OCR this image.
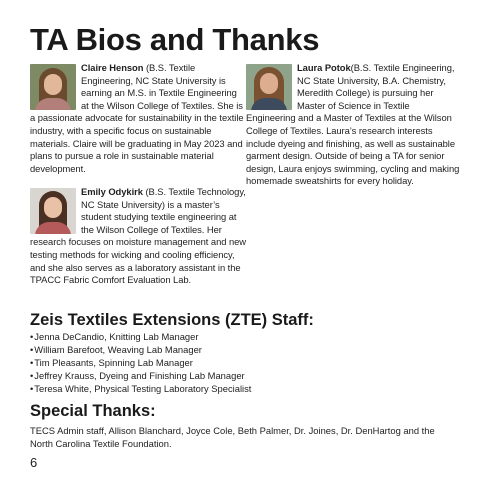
TA Bios and Thanks
Claire Henson (B.S. Textile Engineering, NC State University is earning an M.S. in Textile Engineering at the Wilson College of Textiles. She is a passionate advocate for sustainability in the textile industry, with a specific focus on sustainable materials. Claire will be graduating in May 2023 and plans to pursue a role in sustainable material development.
Emily Odykirk (B.S. Textile Technology, NC State University) is a master’s student studying textile engineering at the Wilson College of Textiles. Her research focuses on moisture management and new testing methods for wicking and cooling efficiency, and she also serves as a laboratory assistant in the TPACC Fabric Comfort Evaluation Lab.
Laura Potok(B.S. Textile Engineering, NC State University, B.A. Chemistry, Meredith College) is pursuing her Master of Science in Textile Engineering and a Master of Textiles at the Wilson College of Textiles. Laura’s research interests include dyeing and finishing, as well as sustainable garment design. Outside of being a TA for senior design, Laura enjoys swimming, cycling and making homemade sweatshirts for every holiday.
Zeis Textiles Extensions (ZTE) Staff:
• Jenna DeCandio, Knitting Lab Manager
• William Barefoot, Weaving Lab Manager
• Tim Pleasants, Spinning Lab Manager
• Jeffrey Krauss, Dyeing and Finishing Lab Manager
• Teresa White, Physical Testing Laboratory Specialist
Special Thanks:
TECS Admin staff, Allison Blanchard, Joyce Cole, Beth Palmer, Dr. Joines, Dr. DenHartog and the North Carolina Textile Foundation.
6
